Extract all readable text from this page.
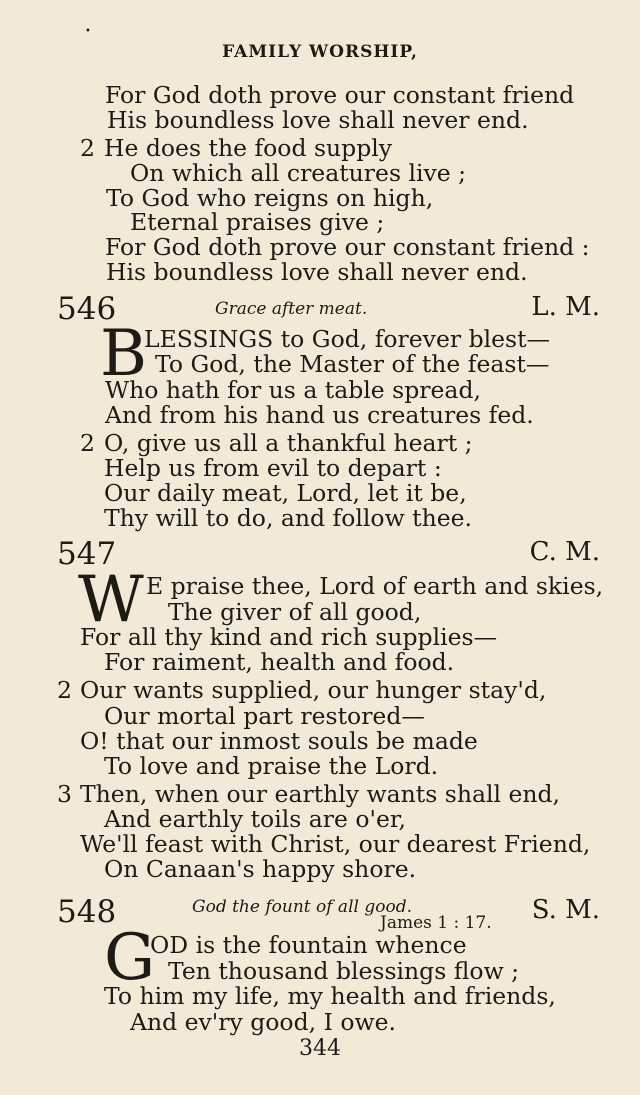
•
FAMILY WORSHIP,
For God doth prove our constant friend
His boundless love shall never end.
2 He does the food supply
On which all creatures live ;
To God who reigns on high,
Eternal praises give ;
For God doth prove our constant friend :
His boundless love shall never end.
546	Grace after meat.	L. M.
B
LESSINGS to God, forever blest—
To God, the Master of the feast—
Who hath for us a table spread,
And from his hand us creatures fed.
2 O, give us all a thankful heart ;
Help us from evil to depart :
Our daily meat, Lord, let it be,
Thy will to do, and follow thee.
547	C. M.
W E praise thee, Lord of earth and skies,
The giver of all good,
For all thy kind and rich supplies—
For raiment, health and food.
2 Our wants supplied, our hunger stay'd,
Our mortal part restored—
O! that our inmost souls be made
To love and praise the Lord.
3 Then, when our earthly wants shall end,
And earthly toils are o'er,
We'll feast with Christ, our dearest Friend,
On Canaan's happy shore.
548	God the fount of all good.
James 1 : 17. S. M.
G
OD is the fountain whence
Ten thousand blessings flow ;
To him my life, my health and friends,
And ev'ry good, I owe.
344
